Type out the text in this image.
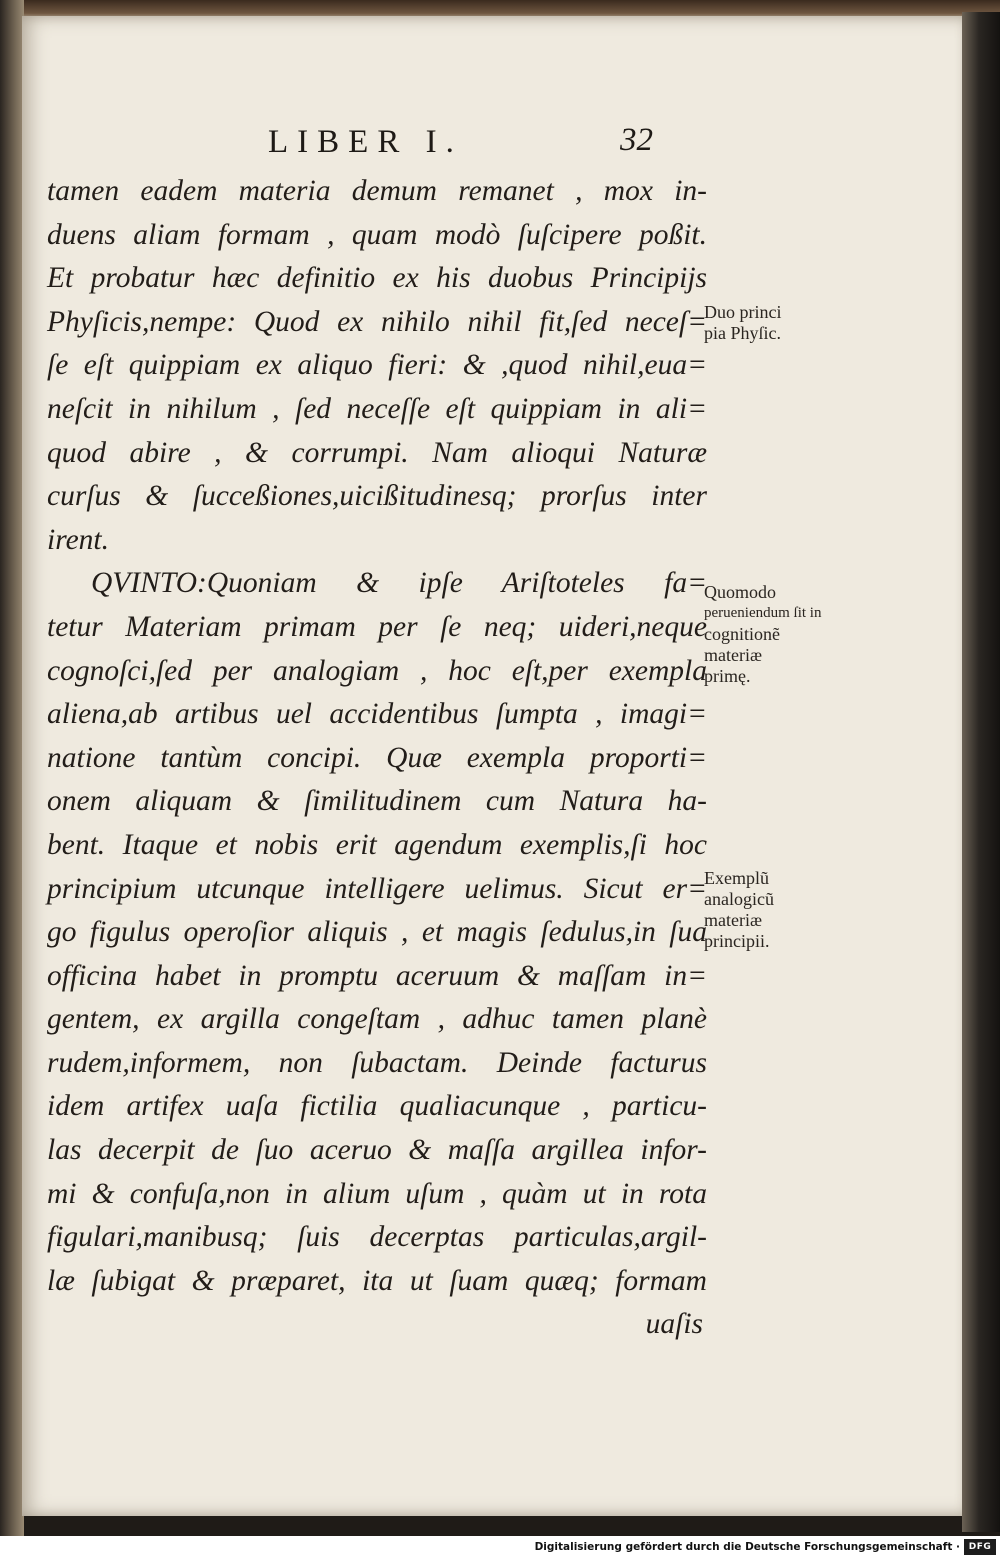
LIBER I.	32
tamen eadem materia demum remanet , mox in-
duens aliam formam , quam modò ſuſcipere poßit.
Et probatur hæc definitio ex his duobus Principijs
Phyſicis,nempe: Quod ex nihilo nihil fit,ſed neceſ=
ſe eſt quippiam ex aliquo fieri: & ,quod nihil,eua=
neſcit in nihilum , ſed neceſſe eſt quippiam in ali=
quod abire , & corrumpi. Nam alioqui Naturæ
curſus & ſucceßiones,uicißitudinesq; prorſus inter
irent.
QVINTO:Quoniam & ipſe Ariſtoteles fa=
tetur Materiam primam per ſe neq; uideri,neque
cognoſci,ſed per analogiam , hoc eſt,per exempla
aliena,ab artibus uel accidentibus ſumpta , imagi=
natione tantùm concipi. Quæ exempla proporti=
onem aliquam & ſimilitudinem cum Natura ha-
bent. Itaque et nobis erit agendum exemplis,ſi hoc
principium utcunque intelligere uelimus. Sicut er=
go figulus operoſior aliquis , et magis ſedulus,in ſua
officina habet in promptu aceruum & maſſam in=
gentem, ex argilla congeſtam , adhuc tamen planè
rudem,informem, non ſubactam. Deinde facturus
idem artifex uaſa fictilia qualiacunque , particu-
las decerpit de ſuo aceruo & maſſa argillea infor-
mi & confuſa,non in alium uſum , quàm ut in rota
figulari,manibusq; ſuis decerptas particulas,argil-
læ ſubigat & præparet, ita ut ſuam quæq; formam
uaſis
Duo princi
pia Phyſic.
Quomodo
perueniendum ſit in
cognitionẽ
materiæ
primę.
Exemplũ
analogicũ
materiæ
principii.
Digitalisierung gefördert durch die Deutsche Forschungsgemeinschaft · DFG
